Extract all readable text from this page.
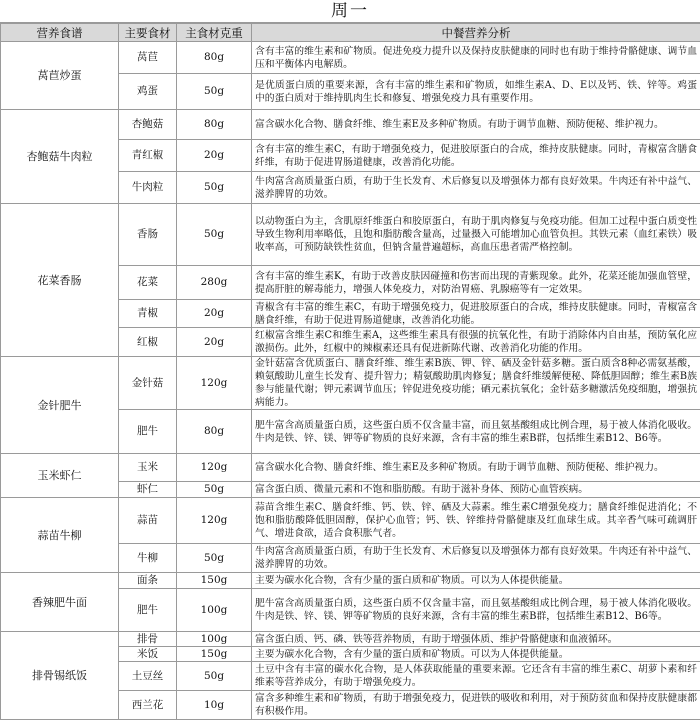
周一
营养食谱	主要食材	主食材克重	中餐营养分析
莴苣炒蛋	莴苣	80g	含有丰富的维生素和矿物质。促进免疫力提升以及保持皮肤健康的同时也有助于维持骨骼健康、调节血压和平衡体内电解质。
	鸡蛋	50g	是优质蛋白质的重要来源，含有丰富的维生素和矿物质，如维生素A、D、E以及钙、铁、锌等。鸡蛋中的蛋白质对于维持肌肉生长和修复、增强免疫力具有重要作用。
杏鲍菇牛肉粒	杏鲍菇	80g	富含碳水化合物、膳食纤维、维生素E及多种矿物质。有助于调节血糖、预防便秘、维护视力。
	青红椒	20g	含有丰富的维生素C，有助于增强免疫力，促进胶原蛋白的合成，维持皮肤健康。同时，青椒富含膳食纤维，有助于促进胃肠道健康，改善消化功能。
	牛肉粒	50g	牛肉富含高质量蛋白质，有助于生长发育、术后修复以及增强体力都有良好效果。牛肉还有补中益气、滋养脾胃的功效。
花菜香肠	香肠	50g	以动物蛋白为主，含肌原纤维蛋白和胶原蛋白，有助于肌肉修复与免疫功能。但加工过程中蛋白质变性导致生物利用率略低，且饱和脂肪酸含量高，过量摄入可能增加心血管负担。其铁元素（血红素铁）吸收率高，可预防缺铁性贫血，但钠含量普遍超标，高血压患者需严格控制。
	花菜	280g	含有丰富的维生素K，有助于改善皮肤因碰撞和伤害而出现的青紫现象。此外，花菜还能加强血管壁，提高肝脏的解毒能力，增强人体免疫力，对防治胃癌、乳腺癌等有一定效果。
	青椒	20g	青椒含有丰富的维生素C，有助于增强免疫力，促进胶原蛋白的合成，维持皮肤健康。同时，青椒富含膳食纤维，有助于促进胃肠道健康，改善消化功能。
	红椒	20g	红椒富含维生素C和维生素A，这些维生素具有很强的抗氧化性，有助于消除体内自由基，预防氧化应激损伤。此外，红椒中的辣椒素还具有促进新陈代谢、改善消化功能的作用。
金针肥牛	金针菇	120g	金针菇富含优质蛋白、膳食纤维、维生素B族、钾、锌、硒及金针菇多糖。蛋白质含8种必需氨基酸，赖氨酸助儿童生长发育、提升智力；精氨酸助肌肉修复；膳食纤维缓解便秘、降低胆固醇；维生素B族参与能量代谢；钾元素调节血压；锌促进免疫功能；硒元素抗氧化；金针菇多糖激活免疫细胞，增强抗病能力。
	肥牛	80g	肥牛富含高质量蛋白质，这些蛋白质不仅含量丰富，而且氨基酸组成比例合理，易于被人体消化吸收。牛肉是铁、锌、镁、钾等矿物质的良好来源，含有丰富的维生素B群，包括维生素B12、B6等。
玉米虾仁	玉米	120g	富含碳水化合物、膳食纤维、维生素E及多种矿物质。有助于调节血糖、预防便秘、维护视力。
	虾仁	50g	富含蛋白质、微量元素和不饱和脂肪酸。有助于滋补身体、预防心血管疾病。
蒜苗牛柳	蒜苗	120g	蒜苗含维生素C、膳食纤维、钙、铁、锌、硒及大蒜素。维生素C增强免疫力；膳食纤维促进消化；不饱和脂肪酸降低胆固醇，保护心血管；钙、铁、锌维持骨骼健康及红血球生成。其辛香气味可疏调肝气、增进食欲，适合食积胀气者。
	牛柳	50g	牛肉富含高质量蛋白质，有助于生长发育、术后修复以及增强体力都有良好效果。牛肉还有补中益气、滋养脾胃的功效。
香辣肥牛面	面条	150g	主要为碳水化合物，含有少量的蛋白质和矿物质。可以为人体提供能量。
	肥牛	100g	肥牛富含高质量蛋白质，这些蛋白质不仅含量丰富，而且氨基酸组成比例合理，易于被人体消化吸收。牛肉是铁、锌、镁、钾等矿物质的良好来源，含有丰富的维生素B群，包括维生素B12、B6等。
排骨锡纸饭	排骨	100g	富含蛋白质、钙、磷、铁等营养物质，有助于增强体质、维护骨骼健康和血液循环。
	米饭	150g	主要为碳水化合物，含有少量的蛋白质和矿物质。可以为人体提供能量。
	土豆丝	50g	土豆中含有丰富的碳水化合物，是人体获取能量的重要来源。它还含有丰富的维生素C、胡萝卜素和纤维素等营养成分，有助于增强免疫力。
	西兰花	10g	富含多种维生素和矿物质，有助于增强免疫力，促进铁的吸收和利用，对于预防贫血和保持皮肤健康都有积极作用。
